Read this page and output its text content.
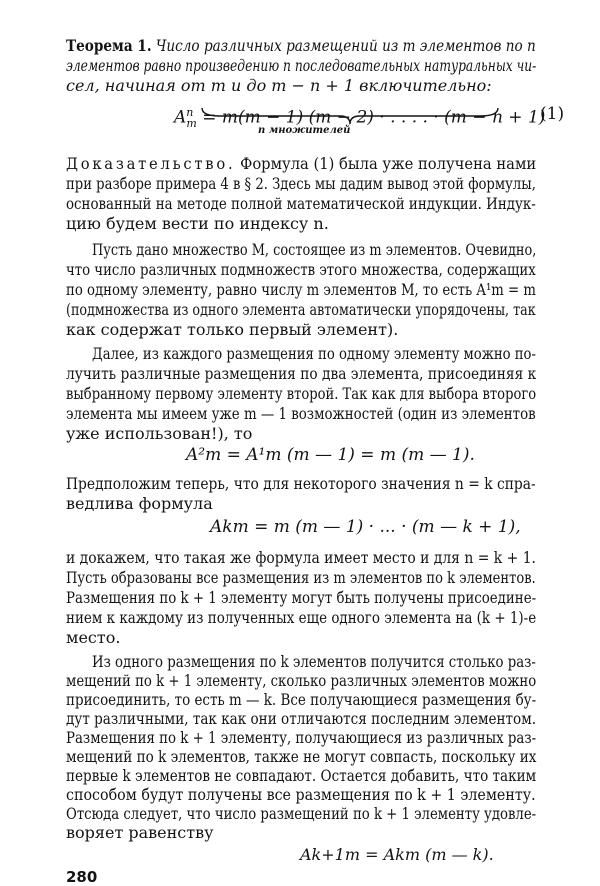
Теорема 1. Число различных размещений из m элементов по n
элементов равно произведению n последовательных натуральных чи-
сел, начиная от m и до m − n + 1 включительно:
$A^n_m = m(m - 1) (m - 2)$ · . . . . · (m − n + 1)
n множителей
(1)
Доказательство. Формула (1) была уже получена нами
при разборе примера 4 в § 2. Здесь мы дадим вывод этой формулы,
основанный на методе полной математической индукции. Индук-
цию будем вести по индексу n.
Пусть дано множество M, состоящее из m элементов. Очевидно,
что число различных подмножеств этого множества, содержащих
по одному элементу, равно числу m элементов M, то есть A¹m = m
(подмножества из одного элемента автоматически упорядочены, так
как содержат только первый элемент).
Далее, из каждого размещения по одному элементу можно по-
лучить различные размещения по два элемента, присоединяя к
выбранному первому элементу второй. Так как для выбора второго
элемента мы имеем уже m — 1 возможностей (один из элементов
уже использован!), то
A²m = A¹m (m — 1) = m (m — 1).
Предположим теперь, что для некоторого значения n = k спра-
ведлива формула
Akm = m (m — 1) · ... · (m — k + 1),
и докажем, что такая же формула имеет место и для n = k + 1.
Пусть образованы все размещения из m элементов по k элементов.
Размещения по k + 1 элементу могут быть получены присоедине-
нием к каждому из полученных еще одного элемента на (k + 1)-е
место.
Из одного размещения по k элементов получится столько раз-
мещений по k + 1 элементу, сколько различных элементов можно
присоединить, то есть m — k. Все получающиеся размещения бу-
дут различными, так как они отличаются последним элементом.
Размещения по k + 1 элементу, получающиеся из различных раз-
мещений по k элементов, также не могут совпасть, поскольку их
первые k элементов не совпадают. Остается добавить, что таким
способом будут получены все размещения по k + 1 элементу.
Отсюда следует, что число размещений по k + 1 элементу удовле-
воряет равенству
Ak+1m = Akm (m — k).
280
